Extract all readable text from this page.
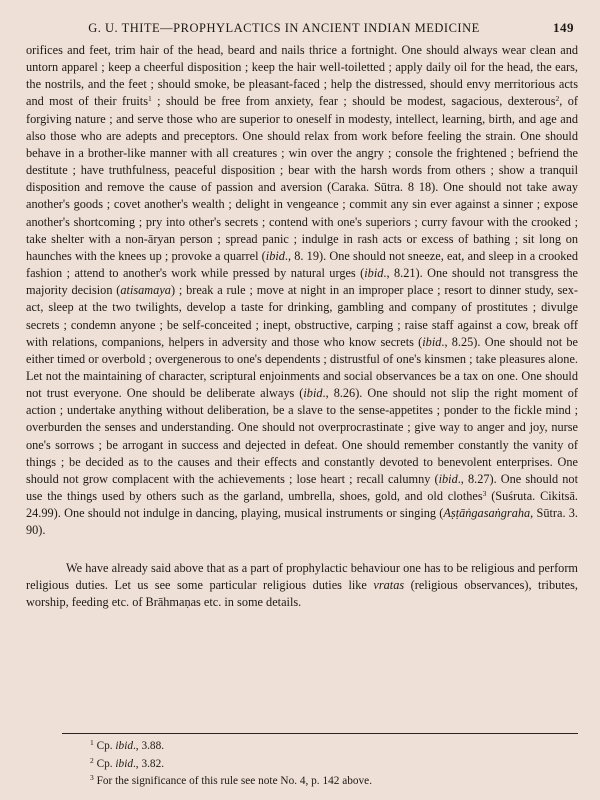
G. U. THITE—PROPHYLACTICS IN ANCIENT INDIAN MEDICINE	149

orifices and feet, trim hair of the head, beard and nails thrice a fortnight. One should always wear clean and untorn apparel ; keep a cheerful disposition ; keep the hair well-toiletted ; apply daily oil for the head, the ears, the nostrils, and the feet ; should smoke, be pleasant-faced ; help the distressed, should envy merritorious acts and most of their fruits$^1$ ; should be free from anxiety, fear ; should be modest, sagacious, dexterous$^2$, of forgiving nature ; and serve those who are superior to oneself in modesty, intellect, learning, birth, and age and also those who are adepts and preceptors. One should relax from work before feeling the strain. One should behave in a brother-like manner with all creatures ; win over the angry ; console the frightened ; befriend the destitute ; have truthfulness, peaceful disposition ; bear with the harsh words from others ; show a tranquil disposition and remove the cause of passion and aversion (Caraka. Sūtra. 8 18). One should not take away another's goods ; covet another's wealth ; delight in vengeance ; commit any sin ever against a sinner ; expose another's shortcoming ; pry into other's secrets ; contend with one's superiors ; curry favour with the crooked ; take shelter with a non-āryan person ; spread panic ; indulge in rash acts or excess of bathing ; sit long on haunches with the knees up ; provoke a quarrel (ibid., 8. 19). One should not sneeze, eat, and sleep in a crooked fashion ; attend to another's work while pressed by natural urges (ibid., 8.21). One should not transgress the majority decision (atisamaya) ; break a rule ; move at night in an improper place ; resort to dinner study, sex-act, sleep at the two twilights, develop a taste for drinking, gambling and company of prostitutes ; divulge secrets ; condemn anyone ; be self-conceited ; inept, obstructive, carping ; raise staff against a cow, break off with relations, companions, helpers in adversity and those who know secrets (ibid., 8.25). One should not be either timed or overbold ; overgenerous to one's dependents ; distrustful of one's kinsmen ; take pleasures alone. Let not the maintaining of character, scriptural enjoinments and social observances be a tax on one. One should not trust everyone. One should be deliberate always (ibid., 8.26). One should not slip the right moment of action ; undertake anything without deliberation, be a slave to the sense-appetites ; ponder to the fickle mind ; overburden the senses and understanding. One should not overprocrastinate ; give way to anger and joy, nurse one's sorrows ; be arrogant in success and dejected in defeat. One should remember constantly the vanity of things ; be decided as to the causes and their effects and constantly devoted to benevolent enterprises. One should not grow complacent with the achievements ; lose heart ; recall calumny (ibid., 8.27). One should not use the things used by others such as the garland, umbrella, shoes, gold, and old clothes$^3$ (Suśruta. Cikitsā. 24.99). One should not indulge in dancing, playing, musical instruments or singing (Aṣṭāṅgasaṅgraha, Sūtra. 3. 90).

We have already said above that as a part of prophylactic behaviour one has to be religious and perform religious duties. Let us see some particular religious duties like vratas (religious observances), tributes, worship, feeding etc. of Brāhmaṇas etc. in some details.

$^1$ Cp. ibid., 3.88.
$^2$ Cp. ibid., 3.82.
$^3$ For the significance of this rule see note No. 4, p. 142 above.
